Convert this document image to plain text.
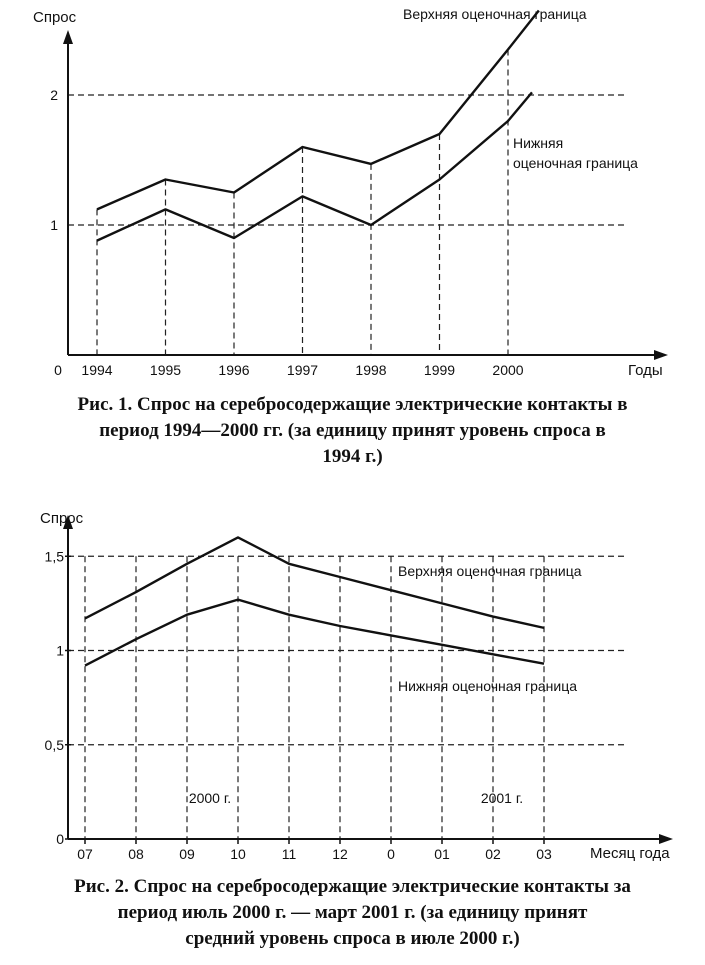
1
2
1994	1995	1996	1997	1998	1999	2000
Спрос
Годы
0
Верхняя оценочная граница
Нижняя
оценочная граница
Рис. 1. Спрос на серебросодержащие электрические контакты в
период 1994—2000 гг. (за единицу принят уровень спроса в
1994 г.)
0
0,5
1
1,5
07	08	09	10	11	12	0	01	02	03
Спрос
Месяц года
2000 г.	2001 г.
Верхняя оценочная граница
Нижняя оценочная граница
Рис. 2. Спрос на серебросодержащие электрические контакты за
период июль 2000 г. — март 2001 г. (за единицу принят
средний уровень спроса в июле 2000 г.)
